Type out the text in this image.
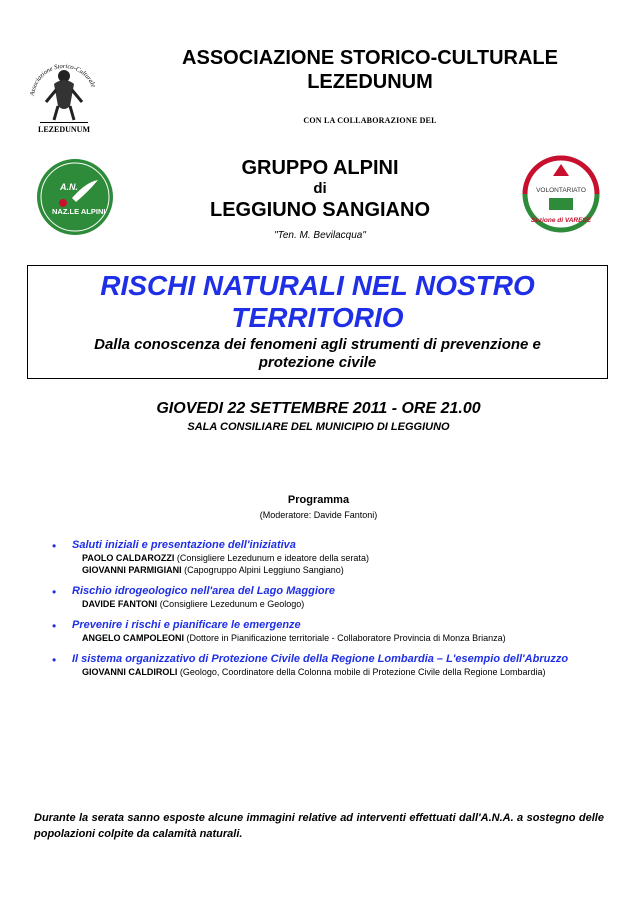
Associazione Storico-Culturale
LEZEDUNUM
A.N.
NAZ.LE ALPINI
VOLONTARIATO
Sezione di VARESE
ASSOCIAZIONE STORICO-CULTURALE
LEZEDUNUM
CON LA COLLABORAZIONE DEL
GRUPPO ALPINI
di
LEGGIUNO SANGIANO
"Ten. M. Bevilacqua"
RISCHI NATURALI NEL NOSTRO
TERRITORIO
Dalla conoscenza dei fenomeni agli strumenti di prevenzione e
protezione civile
GIOVEDI 22 SETTEMBRE 2011 - ORE 21.00
SALA CONSILIARE DEL MUNICIPIO DI LEGGIUNO
Programma
(Moderatore: Davide Fantoni)
• Saluti iniziali e presentazione dell'iniziativa
PAOLO CALDAROZZI (Consigliere Lezedunum e ideatore della serata)
GIOVANNI PARMIGIANI (Capogruppo Alpini Leggiuno Sangiano)
• Rischio idrogeologico nell'area del Lago Maggiore
DAVIDE FANTONI (Consigliere Lezedunum e Geologo)
• Prevenire i rischi e pianificare le emergenze
ANGELO CAMPOLEONI (Dottore in Pianificazione territoriale - Collaboratore Provincia di Monza Brianza)
• Il sistema organizzativo di Protezione Civile della Regione Lombardia – L'esempio dell'Abruzzo
GIOVANNI CALDIROLI (Geologo, Coordinatore della Colonna mobile di Protezione Civile della Regione Lombardia)
Durante la serata sanno esposte alcune immagini relative ad interventi effettuati dall'A.N.A. a sostegno delle popolazioni colpite da calamità naturali.
